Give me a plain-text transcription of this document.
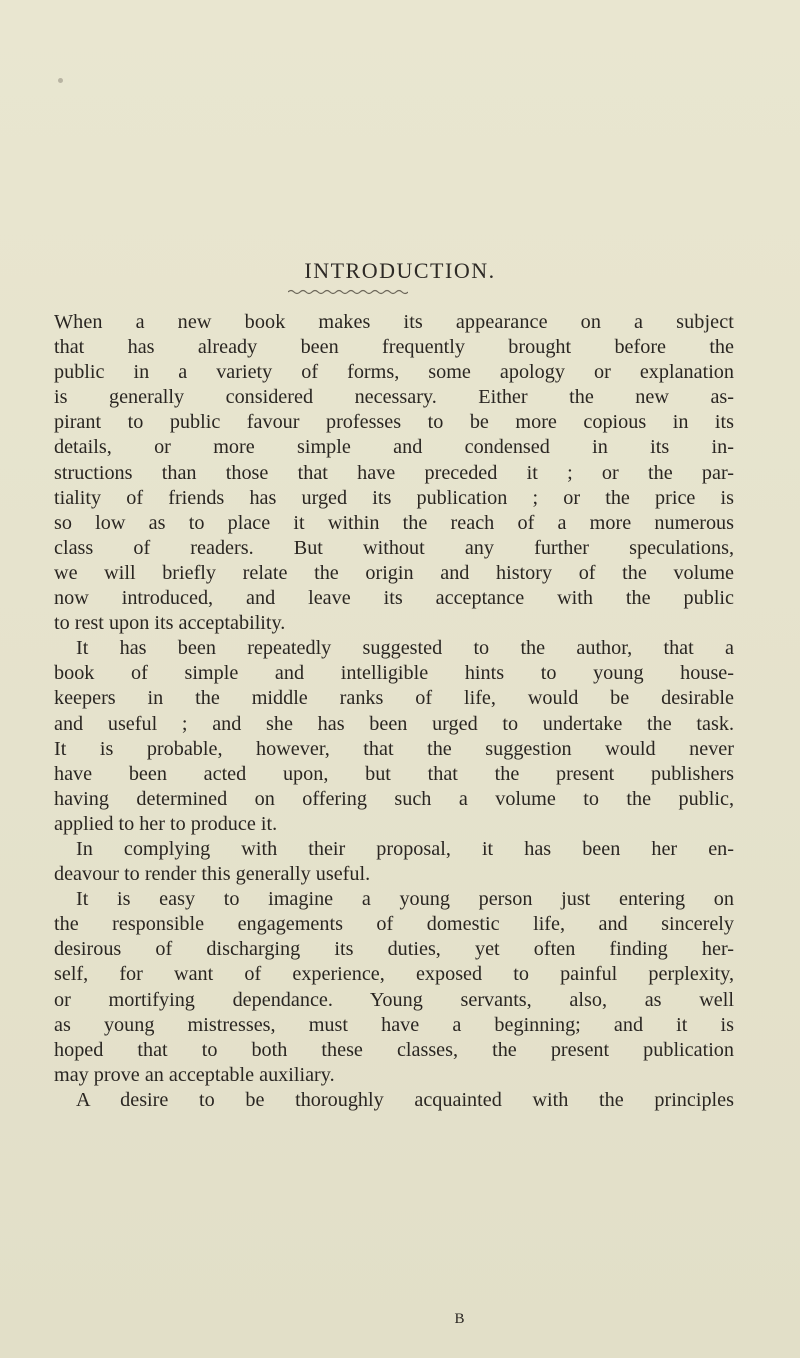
INTRODUCTION.
When a new book makes its appearance on a subject
that has already been frequently brought before the
public in a variety of forms, some apology or explanation
is generally considered necessary. Either the new as-
pirant to public favour professes to be more copious in its
details, or more simple and condensed in its in-
structions than those that have preceded it ; or the par-
tiality of friends has urged its publication ; or the price is
so low as to place it within the reach of a more numerous
class of readers. But without any further speculations,
we will briefly relate the origin and history of the volume
now introduced, and leave its acceptance with the public
to rest upon its acceptability.
It has been repeatedly suggested to the author, that a
book of simple and intelligible hints to young house-
keepers in the middle ranks of life, would be desirable
and useful ; and she has been urged to undertake the task.
It is probable, however, that the suggestion would never
have been acted upon, but that the present publishers
having determined on offering such a volume to the public,
applied to her to produce it.
In complying with their proposal, it has been her en-
deavour to render this generally useful.
It is easy to imagine a young person just entering on
the responsible engagements of domestic life, and sincerely
desirous of discharging its duties, yet often finding her-
self, for want of experience, exposed to painful perplexity,
or mortifying dependance. Young servants, also, as well
as young mistresses, must have a beginning; and it is
hoped that to both these classes, the present publication
may prove an acceptable auxiliary.
A desire to be thoroughly acquainted with the principles
B
